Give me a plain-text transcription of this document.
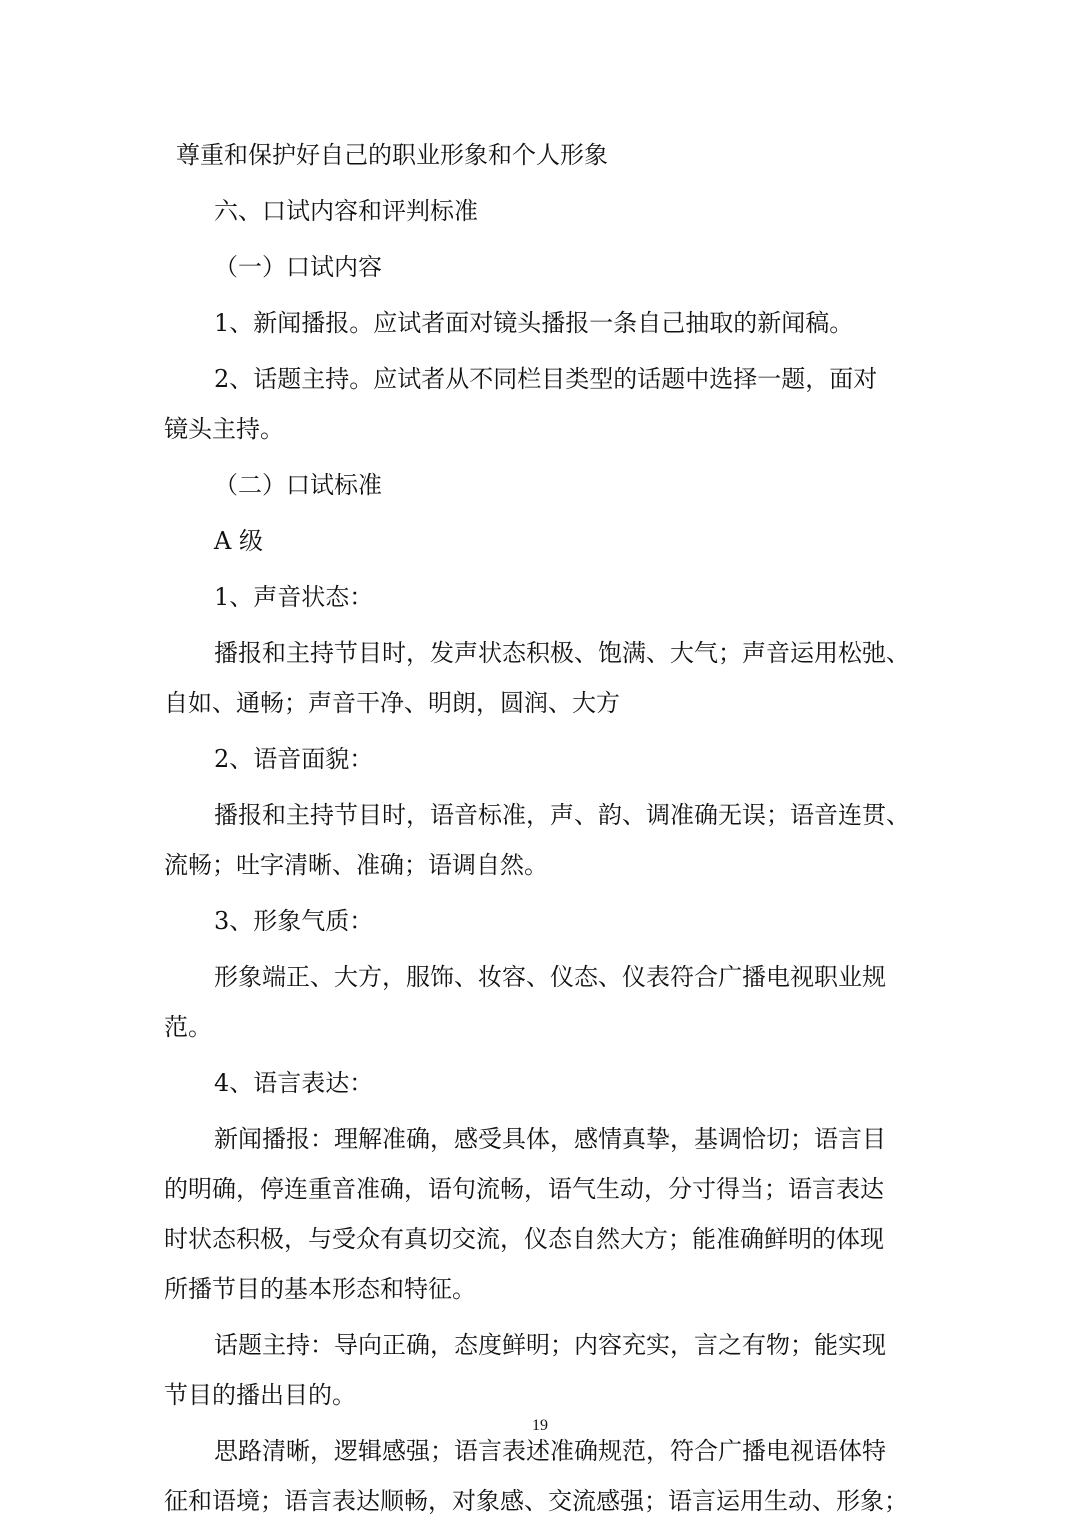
尊重和保护好自己的职业形象和个人形象
六、口试内容和评判标准
（一）口试内容
1、新闻播报。应试者面对镜头播报一条自己抽取的新闻稿。
2、话题主持。应试者从不同栏目类型的话题中选择一题，面对
镜头主持。
（二）口试标准
A 级
1、声音状态：
播报和主持节目时，发声状态积极、饱满、大气；声音运用松弛、
自如、通畅；声音干净、明朗，圆润、大方
2、语音面貌：
播报和主持节目时，语音标准，声、韵、调准确无误；语音连贯、
流畅；吐字清晰、准确；语调自然。
3、形象气质：
形象端正、大方，服饰、妆容、仪态、仪表符合广播电视职业规
范。
4、语言表达：
新闻播报：理解准确，感受具体，感情真挚，基调恰切；语言目
的明确，停连重音准确，语句流畅，语气生动，分寸得当；语言表达
时状态积极，与受众有真切交流，仪态自然大方；能准确鲜明的体现
所播节目的基本形态和特征。
话题主持：导向正确，态度鲜明；内容充实，言之有物；能实现
节目的播出目的。
思路清晰，逻辑感强；语言表述准确规范，符合广播电视语体特
征和语境；语言表达顺畅，对象感、交流感强；语言运用生动、形象；
19
